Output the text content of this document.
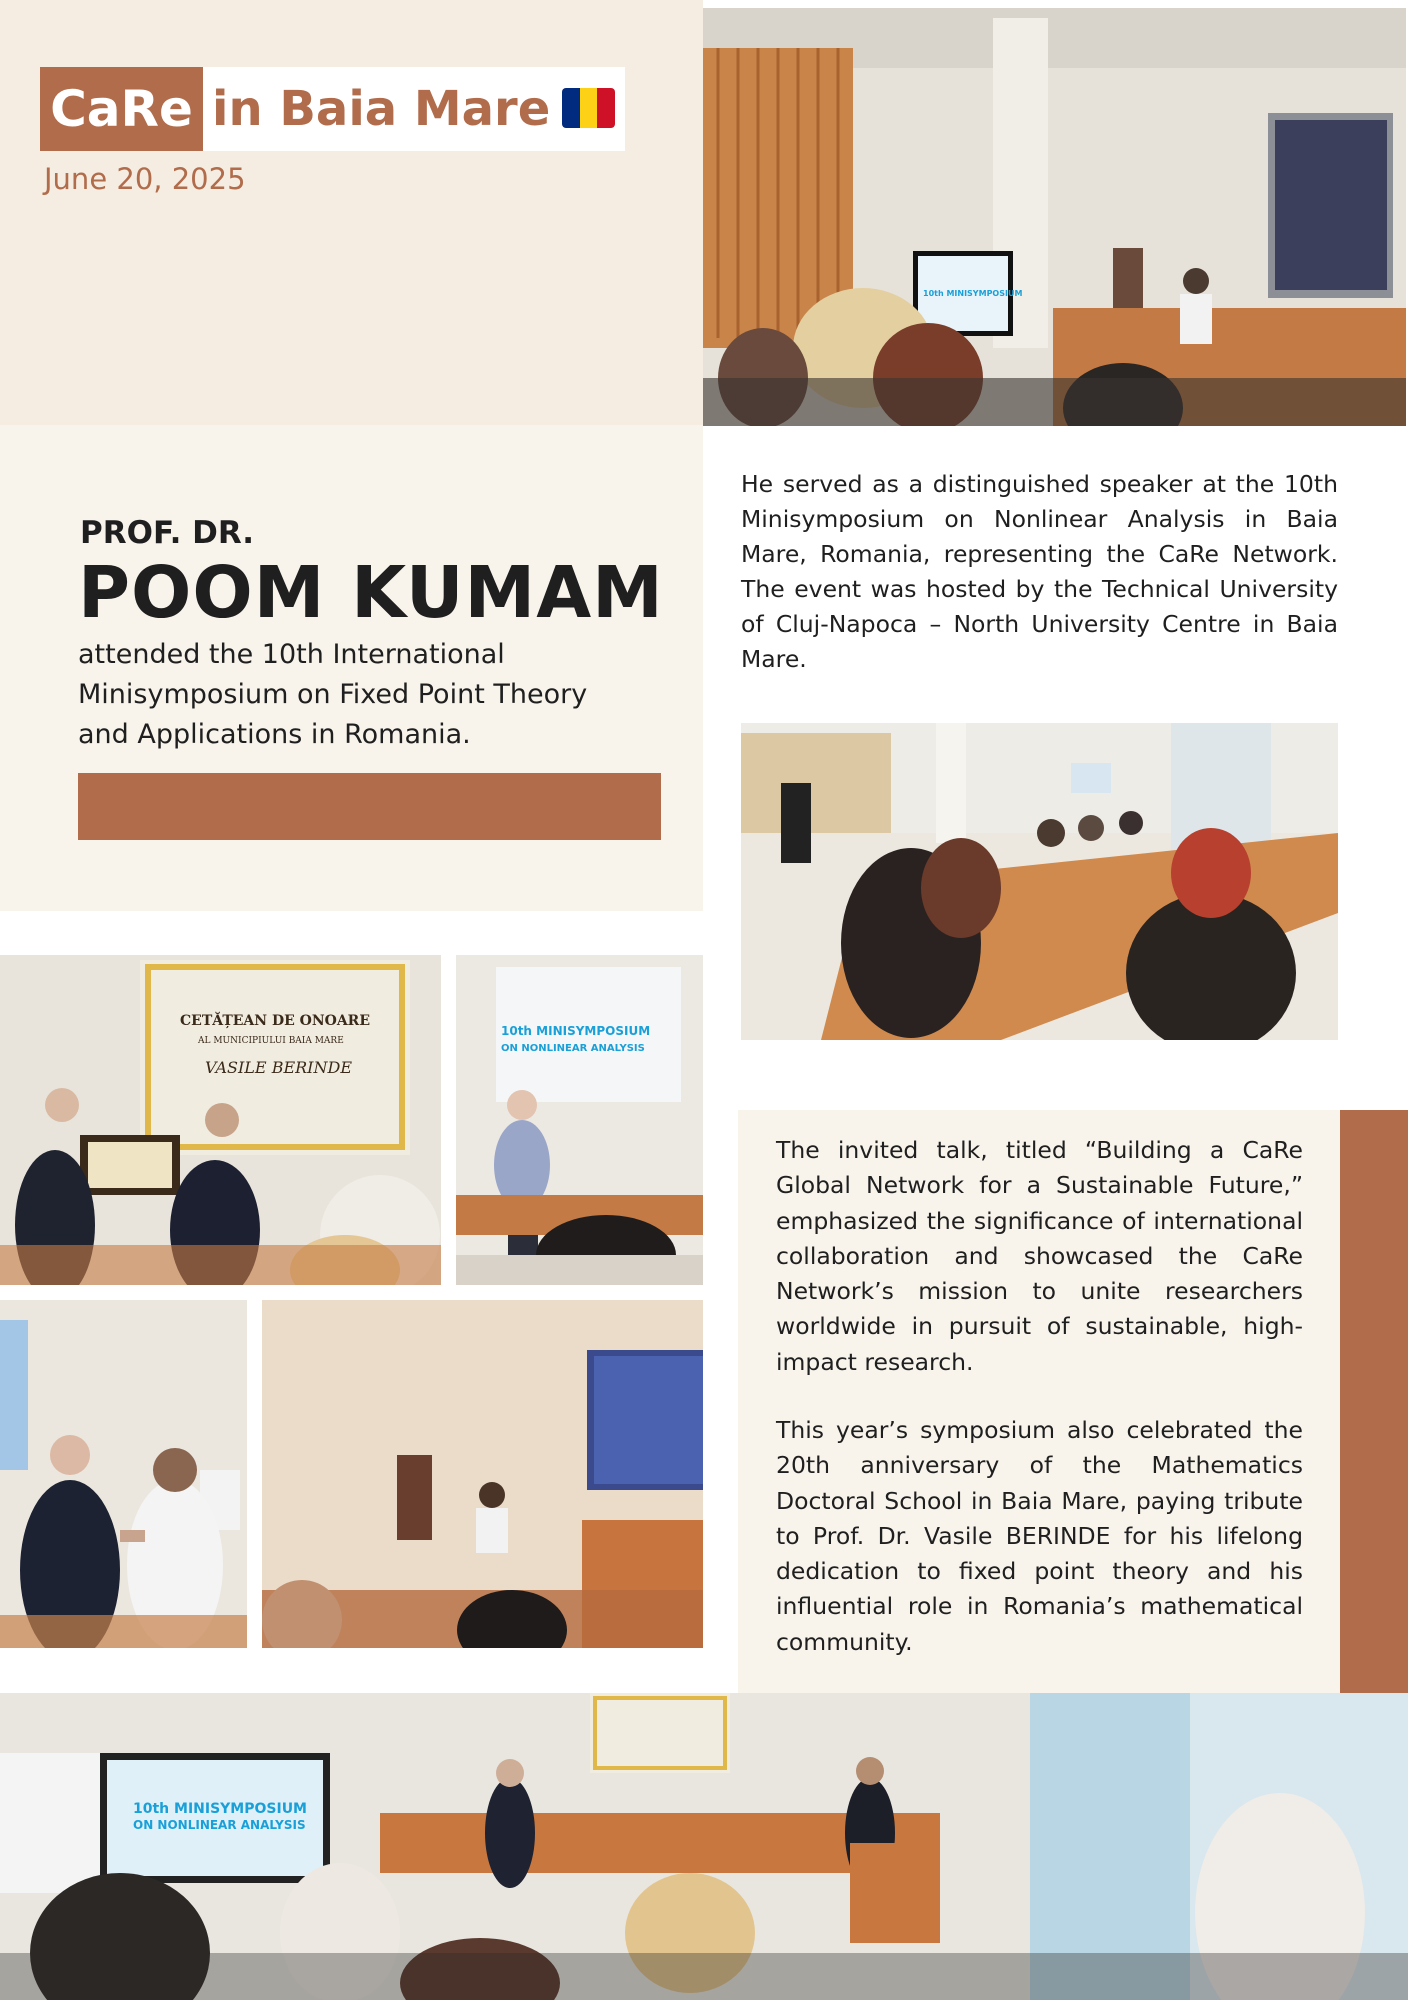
CaRe in Baia Mare
June 20, 2025
10th MINISYMPOSIUM
PROF. DR.
POOM KUMAM
attended the 10th International Minisymposium on Fixed Point Theory and Applications in Romania.
He served as a distinguished speaker at the 10th Minisymposium on Nonlinear Analysis in Baia Mare, Romania, representing the CaRe Network. The event was hosted by the Technical University of Cluj-Napoca – North University Centre in Baia Mare.
CETĂȚEAN DE ONOARE
AL MUNICIPIULUI BAIA MARE
VASILE BERINDE
10th MINISYMPOSIUM
ON NONLINEAR ANALYSIS
The invited talk, titled “Building a CaRe Global Network for a Sustainable Future,” emphasized the significance of international collaboration and showcased the CaRe Network’s mission to unite researchers worldwide in pursuit of sustainable, high-impact research.
This year’s symposium also celebrated the 20th anniversary of the Mathematics Doctoral School in Baia Mare, paying tribute to Prof. Dr. Vasile BERINDE for his lifelong dedication to fixed point theory and his influential role in Romania’s mathematical community.
10th MINISYMPOSIUM
ON NONLINEAR ANALYSIS
